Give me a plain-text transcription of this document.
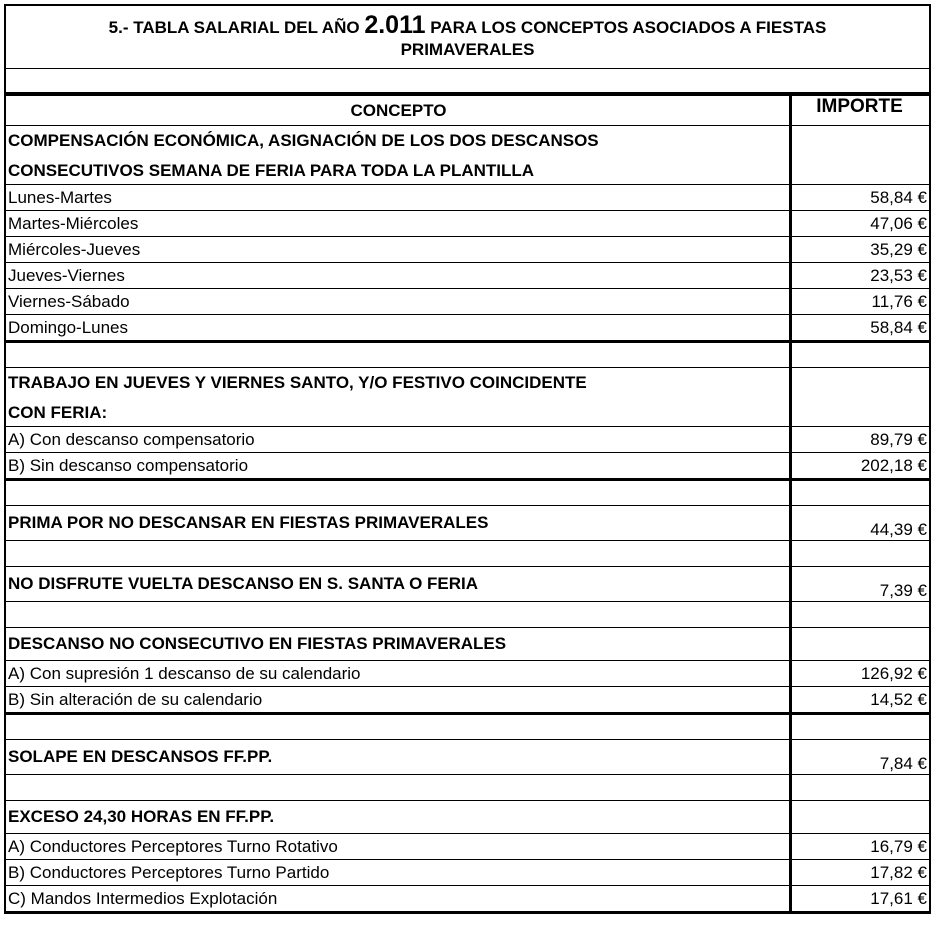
5.- TABLA SALARIAL DEL AÑO 2.011 PARA LOS CONCEPTOS ASOCIADOS A FIESTAS
PRIMAVERALES
CONCEPTO	IMPORTE
COMPENSACIÓN ECONÓMICA, ASIGNACIÓN DE LOS DOS DESCANSOS
CONSECUTIVOS SEMANA DE FERIA PARA TODA LA PLANTILLA
Lunes-Martes	58,84 €
Martes-Miércoles	47,06 €
Miércoles-Jueves	35,29 €
Jueves-Viernes	23,53 €
Viernes-Sábado	11,76 €
Domingo-Lunes	58,84 €
TRABAJO EN JUEVES Y VIERNES SANTO, Y/O FESTIVO COINCIDENTE
CON FERIA:
A) Con descanso compensatorio	89,79 €
B) Sin descanso compensatorio	202,18 €
PRIMA POR NO DESCANSAR EN FIESTAS PRIMAVERALES	44,39 €
NO DISFRUTE VUELTA DESCANSO EN S. SANTA O FERIA	7,39 €
DESCANSO NO CONSECUTIVO EN FIESTAS PRIMAVERALES
A) Con supresión 1 descanso de su calendario	126,92 €
B) Sin alteración de su calendario	14,52 €
SOLAPE EN DESCANSOS FF.PP.	7,84 €
EXCESO 24,30 HORAS EN FF.PP.
A) Conductores Perceptores Turno Rotativo	16,79 €
B) Conductores Perceptores Turno Partido	17,82 €
C) Mandos Intermedios Explotación	17,61 €
